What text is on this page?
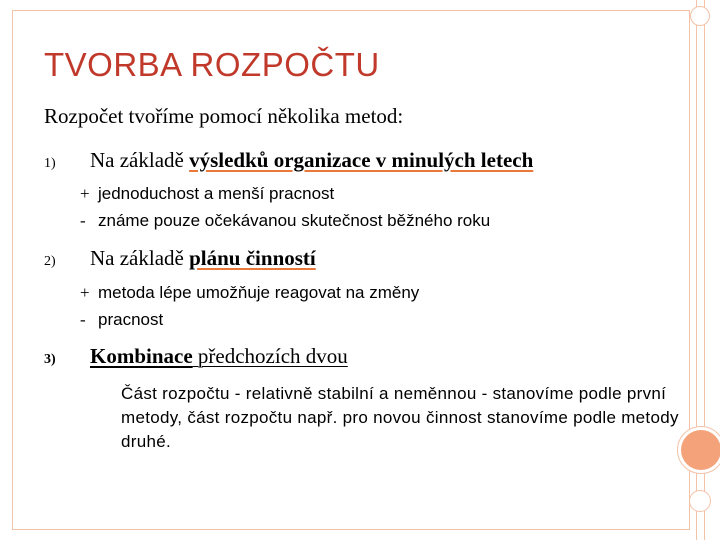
TVORBA ROZPOČTU
Rozpočet tvoříme pomocí několika metod:
1) Na základě výsledků organizace v minulých letech
+ jednoduchost a menší pracnost
- známe pouze očekávanou skutečnost běžného roku
2) Na základě plánu činností
+ metoda lépe umožňuje reagovat na změny
- pracnost
3) Kombinace předchozích dvou
Část rozpočtu - relativně stabilní a neměnnou - stanovíme podle první metody, část rozpočtu např. pro novou činnost stanovíme podle metody druhé.
